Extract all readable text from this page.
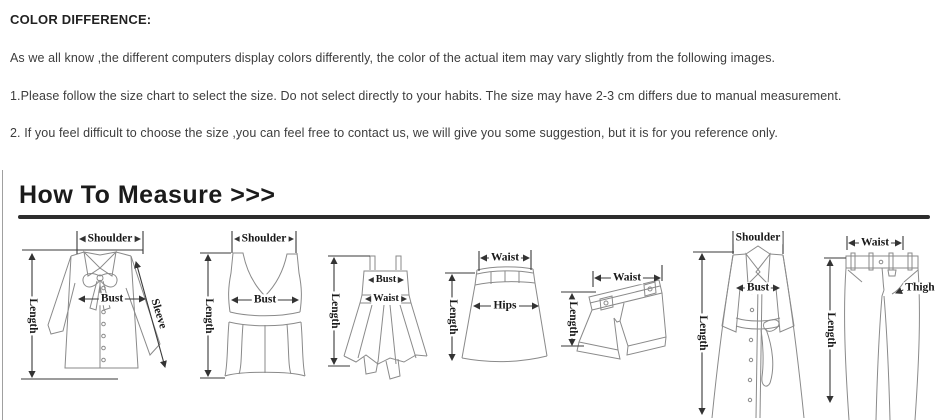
COLOR DIFFERENCE:
As we all know ,the different computers display colors differently, the color of the actual item may vary slightly from the following images.
1.Please follow the size chart to select the size. Do not select directly to your habits. The size may have 2-3 cm differs due to manual measurement.
2. If you feel difficult to choose the size ,you can feel free to contact us, we will give you some suggestion, but it is for you reference only.
How To Measure >>>
Shoulder
Length
Bust Sleeve
Shoulder
Length	Bust	Length
Bust
Waist
Waist
Length	Hips
Waist
Length
Shoulder
Length
Bust
Waist
Length
Thigh
